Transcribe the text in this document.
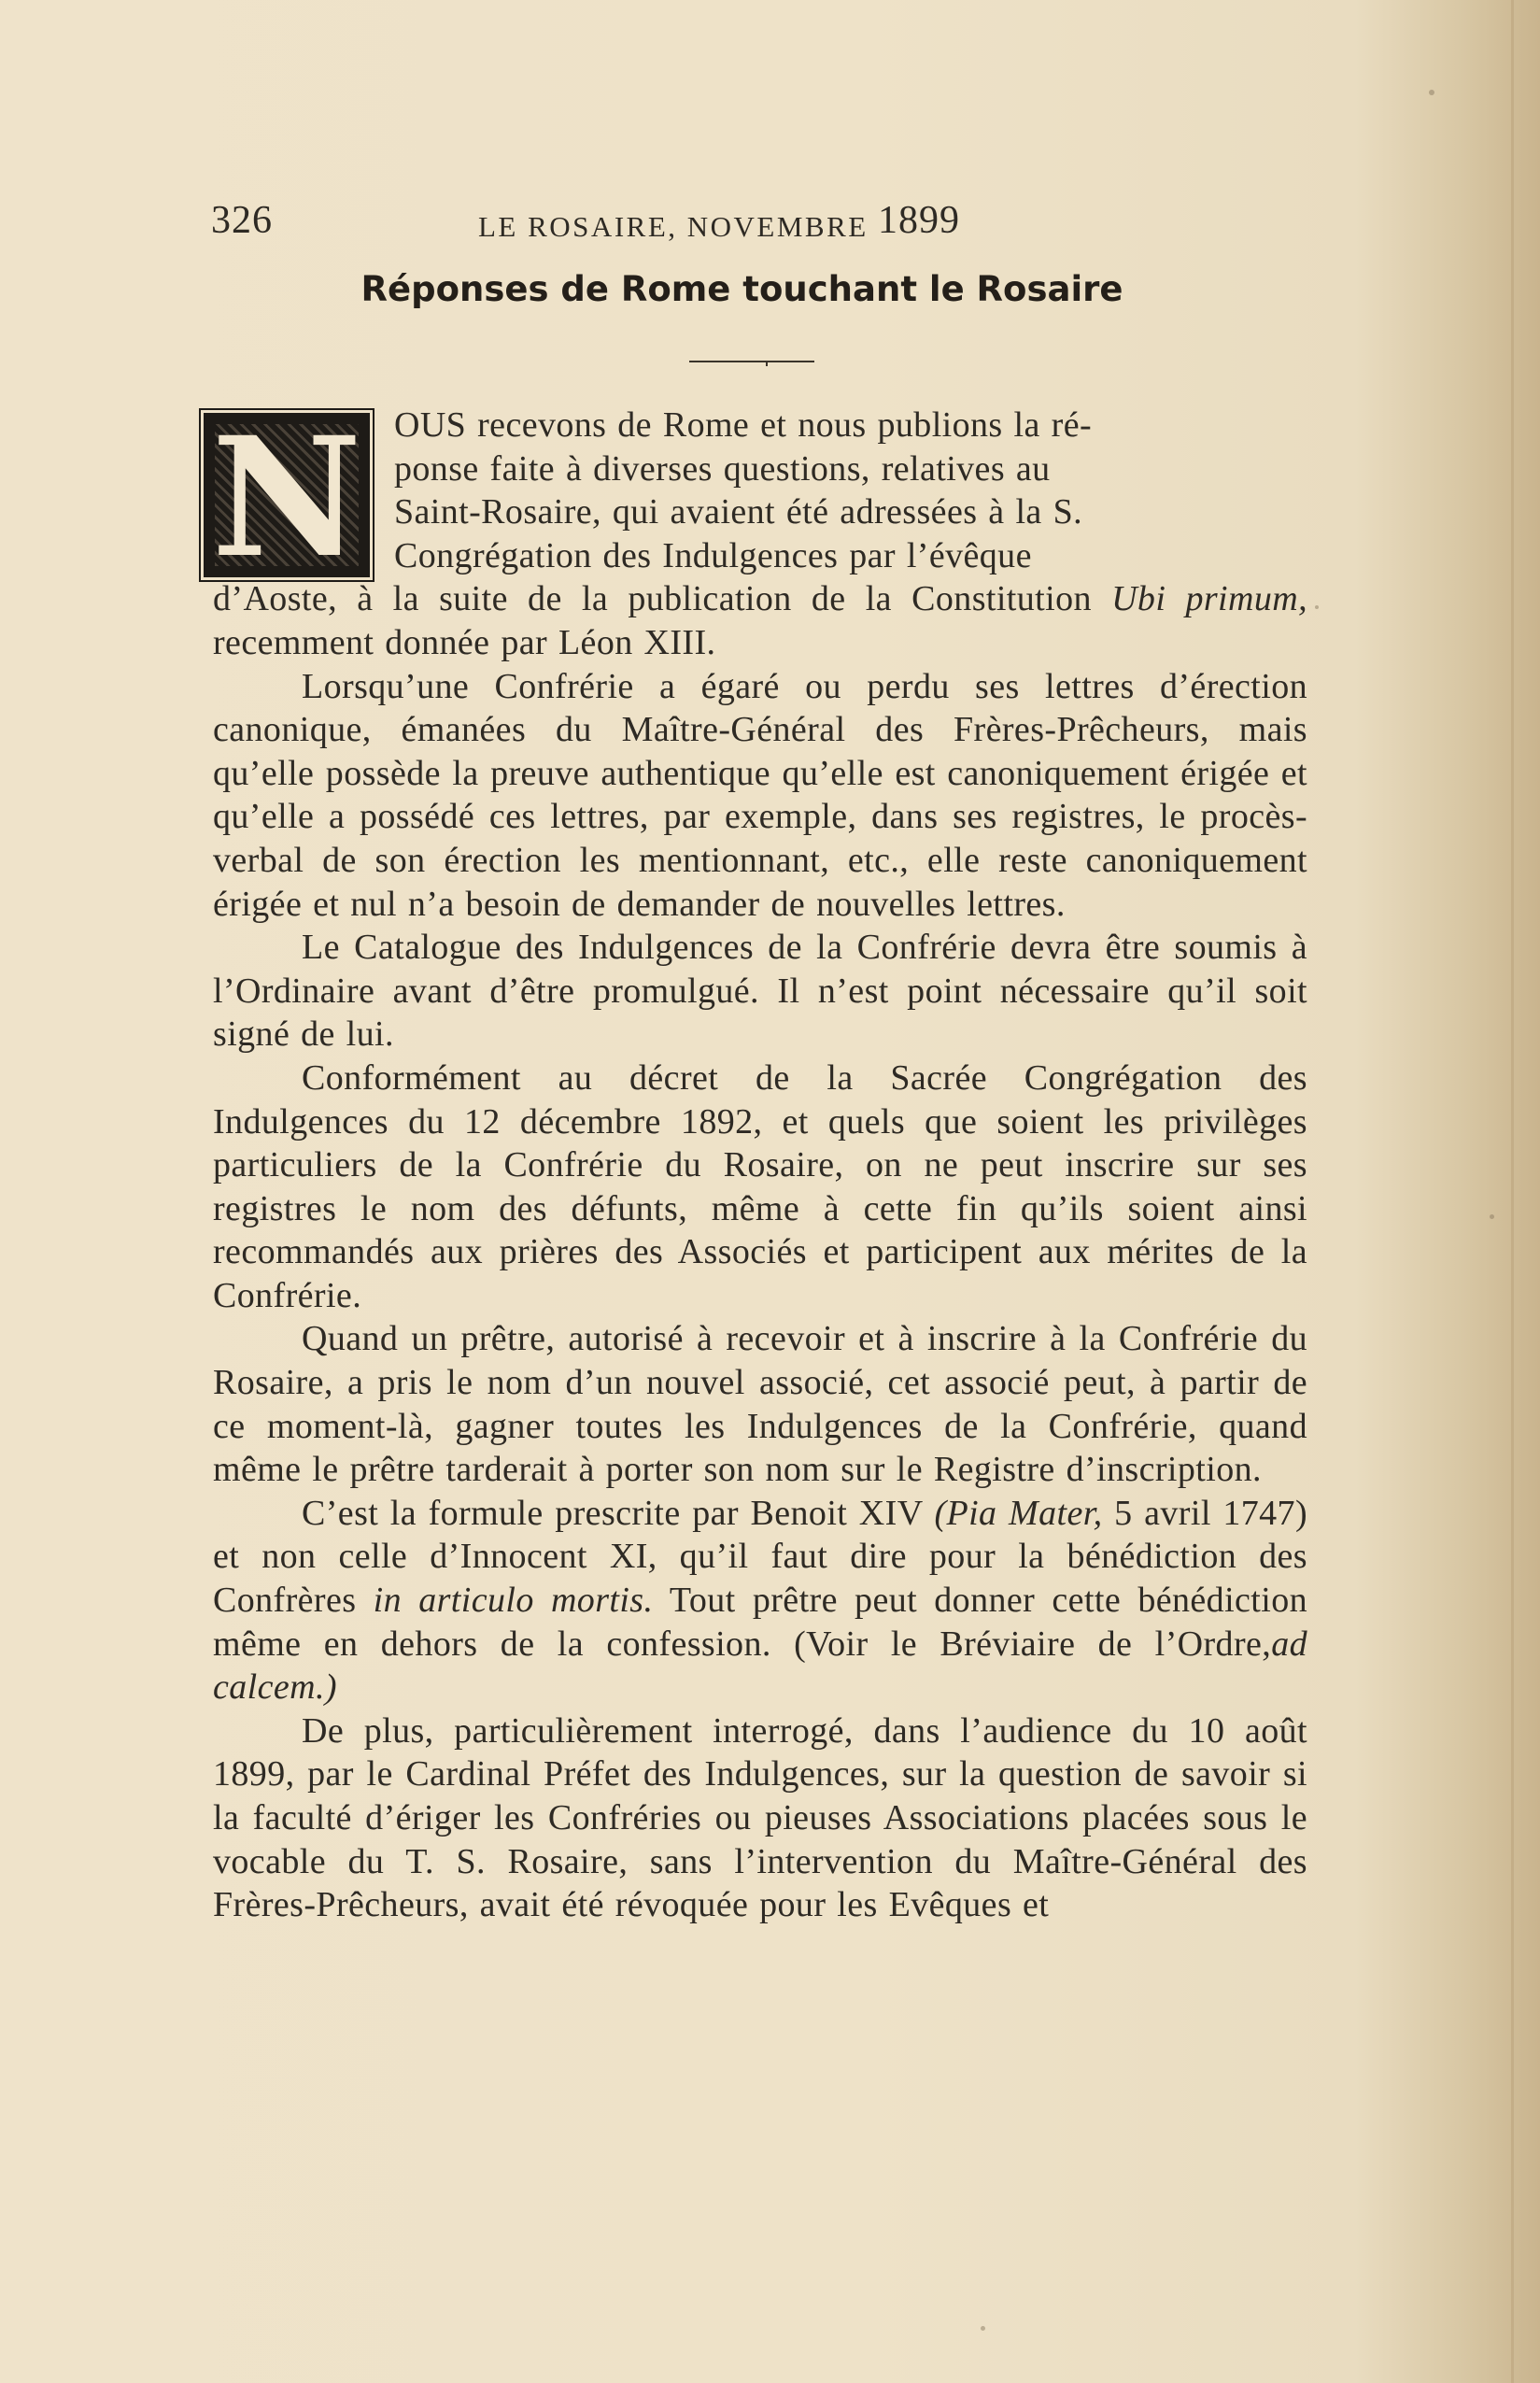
326	LE ROSAIRE, NOVEMBRE 1899
Réponses de Rome touchant le Rosaire
N OUS recevons de Rome et nous publions la ré-
ponse faite à diverses questions, relatives au
Saint-Rosaire, qui avaient été adressées à la S.
Congrégation des Indulgences par l’évêque
d’Aoste, à la suite de la publication de la Constitution Ubi primum, recemment donnée par Léon XIII.

Lorsqu’une Confrérie a égaré ou perdu ses lettres d’érection canonique, émanées du Maître-Général des Frères-Prêcheurs, mais qu’elle possède la preuve authentique qu’elle est canoniquement érigée et qu’elle a possédé ces lettres, par exemple, dans ses registres, le procès-verbal de son érection les mentionnant, etc., elle reste canoniquement érigée et nul n’a besoin de demander de nouvelles lettres.

Le Catalogue des Indulgences de la Confrérie devra être soumis à l’Ordinaire avant d’être promulgué. Il n’est point nécessaire qu’il soit signé de lui.

Conformément au décret de la Sacrée Congrégation des Indulgences du 12 décembre 1892, et quels que soient les privilèges particuliers de la Confrérie du Rosaire, on ne peut inscrire sur ses registres le nom des défunts, même à cette fin qu’ils soient ainsi recommandés aux prières des Associés et participent aux mérites de la Confrérie.

Quand un prêtre, autorisé à recevoir et à inscrire à la Confrérie du Rosaire, a pris le nom d’un nouvel associé, cet associé peut, à partir de ce moment-là, gagner toutes les Indulgences de la Confrérie, quand même le prêtre tarderait à porter son nom sur le Registre d’inscription.

C’est la formule prescrite par Benoit XIV (Pia Mater, 5 avril 1747) et non celle d’Innocent XI, qu’il faut dire pour la bénédiction des Confrères in articulo mortis. Tout prêtre peut donner cette bénédiction même en dehors de la confession. (Voir le Bréviaire de l’Ordre,ad calcem.)

De plus, particulièrement interrogé, dans l’audience du 10 août 1899, par le Cardinal Préfet des Indulgences, sur la question de savoir si la faculté d’ériger les Confréries ou pieuses Associations placées sous le vocable du T. S. Rosaire, sans l’intervention du Maître-Général des Frères-Prêcheurs, avait été révoquée pour les Evêques et
